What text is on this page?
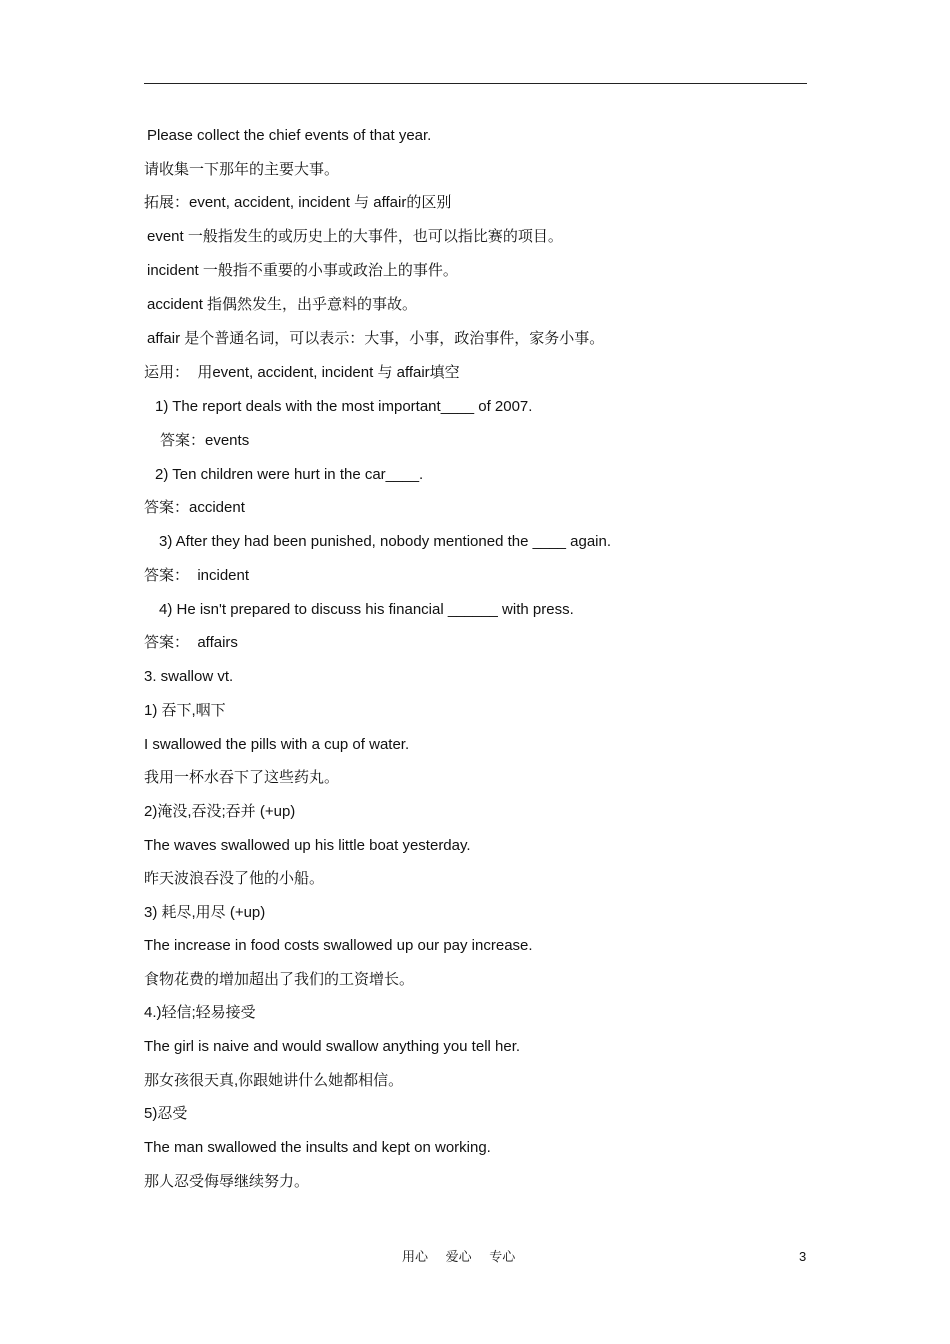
Please collect the chief events of that year.
请收集一下那年的主要大事。
拓展：event, accident, incident 与 affair的区别
event 一般指发生的或历史上的大事件，也可以指比赛的项目。
incident 一般指不重要的小事或政治上的事件。
accident 指偶然发生，出乎意料的事故。
affair 是个普通名词，可以表示：大事，小事，政治事件，家务小事。
运用：  用event, accident, incident 与 affair填空
1) The report deals with the most important____ of 2007.
答案：events
2) Ten children were hurt in the car____.
答案：accident
3) After they had been punished, nobody mentioned the ____ again.
答案：  incident
4) He isn't prepared to discuss his financial ______ with press.
答案：  affairs
3. swallow vt.
1) 吞下,咽下
I swallowed the pills with a cup of water.
我用一杯水吞下了这些药丸。
2)淹没,吞没;吞并 (+up)
The waves swallowed up his little boat yesterday.
昨天波浪吞没了他的小船。
3) 耗尽,用尽 (+up)
The increase in food costs swallowed up our pay increase.
食物花费的增加超出了我们的工资增长。
4.)轻信;轻易接受
The girl is naive and would swallow anything you tell her.
那女孩很天真,你跟她讲什么她都相信。
5)忍受
The man swallowed the insults and kept on working.
那人忍受侮辱继续努力。
用心 爱心 专心	3
